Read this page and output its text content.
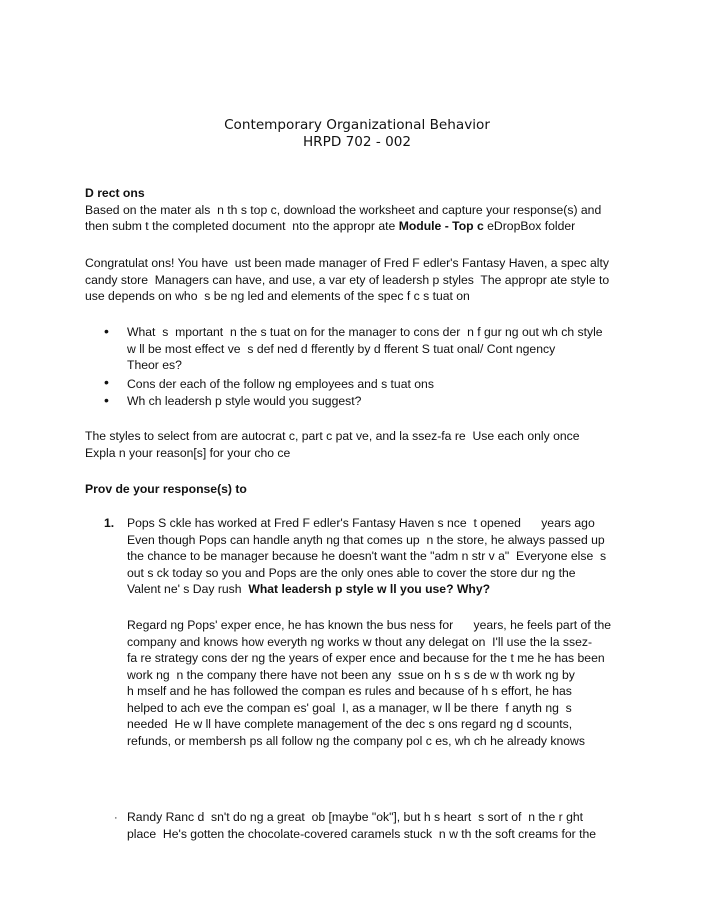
Contemporary Organizational Behavior
HRPD 702 - 002
D rect ons
Based on the mater als  n th s top c, download the worksheet and capture your response(s) and
then subm t the completed document  nto the appropr ate Module - Top c eDropBox folder
Congratulat ons! You have  ust been made manager of Fred F edler's Fantasy Haven, a spec alty
candy store  Managers can have, and use, a var ety of leadersh p styles  The appropr ate style to
use depends on who  s be ng led and elements of the spec f c s tuat on
• What  s  mportant  n the s tuat on for the manager to cons der  n f gur ng out wh ch style
w ll be most effect ve  s def ned d fferently by d fferent S tuat onal/ Cont ngency
Theor es?
• Cons der each of the follow ng employees and s tuat ons
• Wh ch leadersh p style would you suggest?
The styles to select from are autocrat c, part c pat ve, and la ssez-fa re  Use each only once
Expla n your reason[s] for your cho ce
Prov de your response(s) to
1. Pops S ckle has worked at Fred F edler's Fantasy Haven s nce  t opened      years ago
Even though Pops can handle anyth ng that comes up  n the store, he always passed up
the chance to be manager because he doesn't want the "adm n str v a"  Everyone else  s
out s ck today so you and Pops are the only ones able to cover the store dur ng the
Valent ne' s Day rush  What leadersh p style w ll you use? Why?
Regard ng Pops' exper ence, he has known the bus ness for      years, he feels part of the
company and knows how everyth ng works w thout any delegat on  I'll use the la ssez-
fa re strategy cons der ng the years of exper ence and because for the t me he has been
work ng  n the company there have not been any  ssue on h s s de w th work ng by
h mself and he has followed the compan es rules and because of h s effort, he has
helped to ach eve the compan es' goal  I, as a manager, w ll be there  f anyth ng  s
needed  He w ll have complete management of the dec s ons regard ng d scounts,
refunds, or membersh ps all follow ng the company pol c es, wh ch he already knows
· Randy Ranc d  sn't do ng a great  ob [maybe "ok"], but h s heart  s sort of  n the r ght
place  He's gotten the chocolate-covered caramels stuck  n w th the soft creams for the
